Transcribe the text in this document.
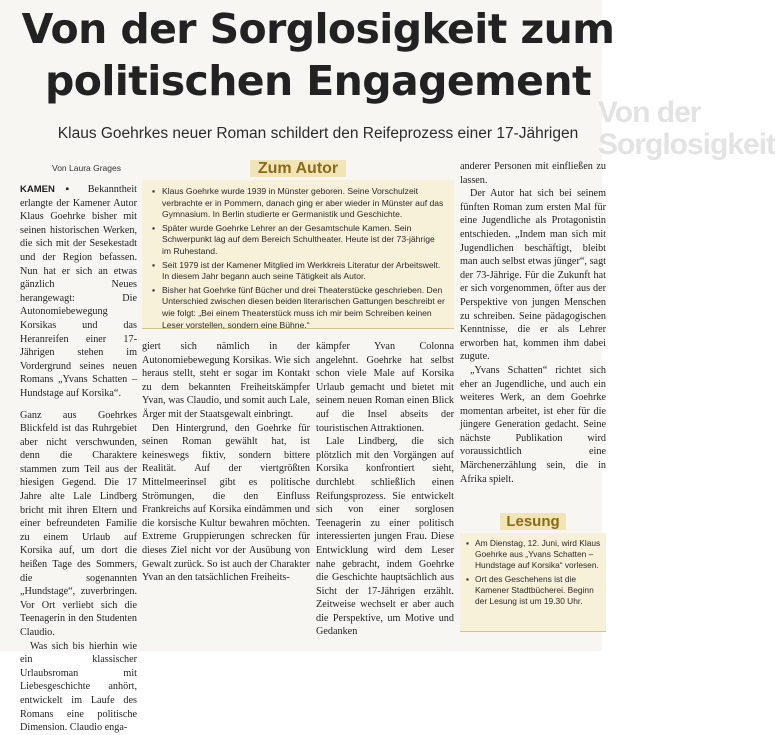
Von der
Sorglosigkeit
Von der Sorglosigkeit zum
politischen Engagement

Klaus Goehrkes neuer Roman schildert den Reifeprozess einer 17-Jährigen

Von Laura Grages

KAMEN ▪ Bekanntheit erlangte der Kamener Autor Klaus Goehrke bisher mit seinen historischen Werken, die sich mit der Sesekestadt und der Region befassen. Nun hat er sich an etwas gänzlich Neues herangewagt: Die Autonomiebewegung Korsikas und das Heranreifen einer 17-Jährigen stehen im Vordergrund seines neuen Romans „Yvans Schatten – Hundstage auf Korsika“.

Ganz aus Goehrkes Blickfeld ist das Ruhrgebiet aber nicht verschwunden, denn die Charaktere stammen zum Teil aus der hiesigen Gegend. Die 17 Jahre alte Lale Lindberg bricht mit ihren Eltern und einer befreundeten Familie zu einem Urlaub auf Korsika auf, um dort die heißen Tage des Sommers, die sogenannten „Hundstage“, zuverbringen. Vor Ort verliebt sich die Teenagerin in den Studenten Claudio.

Was sich bis hierhin wie ein klassischer Urlaubsroman mit Liebesgeschichte anhört, entwickelt im Laufe des Romans eine politische Dimension. Claudio enga-

Zum Autor
▪ Klaus Goehrke wurde 1939 in Münster geboren. Seine Vorschulzeit verbrachte er in Pommern, danach ging er aber wieder in Münster auf das Gymnasium. In Berlin studierte er Germanistik und Geschichte.
▪ Später wurde Goehrke Lehrer an der Gesamtschule Kamen. Sein Schwerpunkt lag auf dem Bereich Schultheater. Heute ist der 73-jährige im Ruhestand.
▪ Seit 1979 ist der Kamener Mitglied im Werkkreis Literatur der Arbeitswelt. In diesem Jahr begann auch seine Tätigkeit als Autor.
▪ Bisher hat Goehrke fünf Bücher und drei Theaterstücke geschrieben. Den Unterschied zwischen diesen beiden literarischen Gattungen beschreibt er wie folgt: „Bei einem Theaterstück muss ich mir beim Schreiben keinen Leser vorstellen, sondern eine Bühne.“

giert sich nämlich in der Autonomiebewegung Korsikas. Wie sich heraus stellt, steht er sogar im Kontakt zu dem bekannten Freiheitskämpfer Yvan, was Claudio, und somit auch Lale, Ärger mit der Staatsgewalt einbringt.

Den Hintergrund, den Goehrke für seinen Roman gewählt hat, ist keineswegs fiktiv, sondern bittere Realität. Auf der viertgrößten Mittelmeerinsel gibt es politische Strömungen, die den Einfluss Frankreichs auf Korsika eindämmen und die korsische Kultur bewahren möchten. Extreme Gruppierungen schrecken für dieses Ziel nicht vor der Ausübung von Gewalt zurück. So ist auch der Charakter Yvan an den tatsächlichen Freiheits-

kämpfer Yvan Colonna angelehnt. Goehrke hat selbst schon viele Male auf Korsika Urlaub gemacht und bietet mit seinem neuen Roman einen Blick auf die Insel abseits der touristischen Attraktionen.

Lale Lindberg, die sich plötzlich mit den Vorgängen auf Korsika konfrontiert sieht, durchlebt schließlich einen Reifungsprozess. Sie entwickelt sich von einer sorglosen Teenagerin zu einer politisch interessierten jungen Frau. Diese Entwicklung wird dem Leser nahe gebracht, indem Goehrke die Geschichte hauptsächlich aus Sicht der 17-Jährigen erzählt. Zeitweise wechselt er aber auch die Perspektive, um Motive und Gedanken

anderer Personen mit einfließen zu lassen.

Der Autor hat sich bei seinem fünften Roman zum ersten Mal für eine Jugendliche als Protagonistin entschieden. „Indem man sich mit Jugendlichen beschäftigt, bleibt man auch selbst etwas jünger“, sagt der 73-Jährige. Für die Zukunft hat er sich vorgenommen, öfter aus der Perspektive von jungen Menschen zu schreiben. Seine pädagogischen Kenntnisse, die er als Lehrer erworben hat, kommen ihm dabei zugute.

„Yvans Schatten“ richtet sich eher an Jugendliche, und auch ein weiteres Werk, an dem Goehrke momentan arbeitet, ist eher für die jüngere Generation gedacht. Seine nächste Publikation wird voraussichtlich eine Märchenerzählung sein, die in Afrika spielt.

Lesung
▪ Am Dienstag, 12. Juni, wird Klaus Goehrke aus „Yvans Schatten – Hundstage auf Korsika“ vorlesen.
▪ Ort des Geschehens ist die Kamener Stadtbücherei. Beginn der Lesung ist um 19.30 Uhr.
